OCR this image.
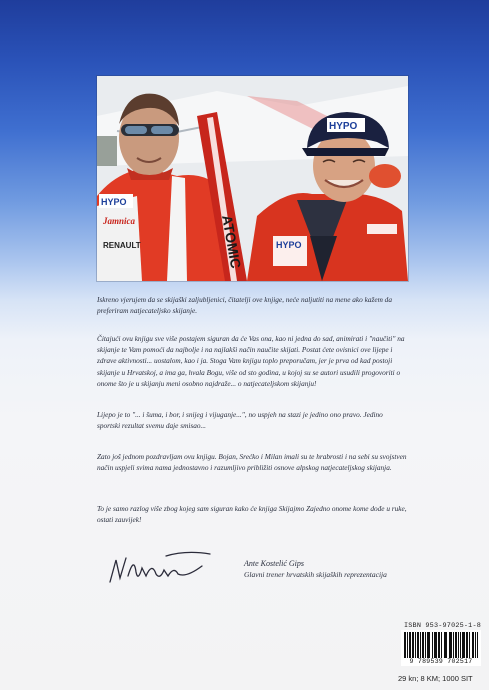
HYPO
Jamnica
RENAULT	ATOMIC	HYPO
HYPO
Iskreno vjerujem da se skijaški zaljubljenici, čitatelji ove knjige, neće naljutiti na mene ako kažem da preferiram natjecateljsko skijanje.
Čitajući ovu knjigu sve više postajem siguran da će Vas ona, kao ni jedna do sad, animirati i "naučiti" na skijanje te Vam pomoći da najbolje i na najlakši način naučite skijati. Postat ćete ovisnici ove lijepe i zdrave aktivnosti... uostalom, kao i ja. Stoga Vam knjigu toplo preporučam, jer je prva od kad postoji skijanje u Hrvatskoj, a ima ga, hvala Bogu, više od sto godina, u kojoj su se autori usudili progovoriti o onome što je u skijanju meni osobno najdraže... o natjecateljskom skijanju!
Lijepo je to "... i šuma, i bor, i snijeg i vijuganje...", no uspjeh na stazi je jedino ono pravo. Jedino sportski rezultat svemu daje smisao...
Zato još jednom pozdravljam ovu knjigu. Bojan, Srećko i Milan imali su te hrabrosti i na sebi su svojstven način uspjeli svima nama jednostavno i razumljivo približiti osnove alpskog natjecateljskog skijanja.
To je samo razlog više zbog kojeg sam siguran kako će knjiga Skijajmo Zajedno onome kome dođe u ruke, ostati zauvijek!
Ante Kostelić Gips
Glavni trener hrvatskih skijaških reprezentacija
ISBN 953-97025-1-8
9 789539 702517
29 kn; 8 KM; 1000 SIT
